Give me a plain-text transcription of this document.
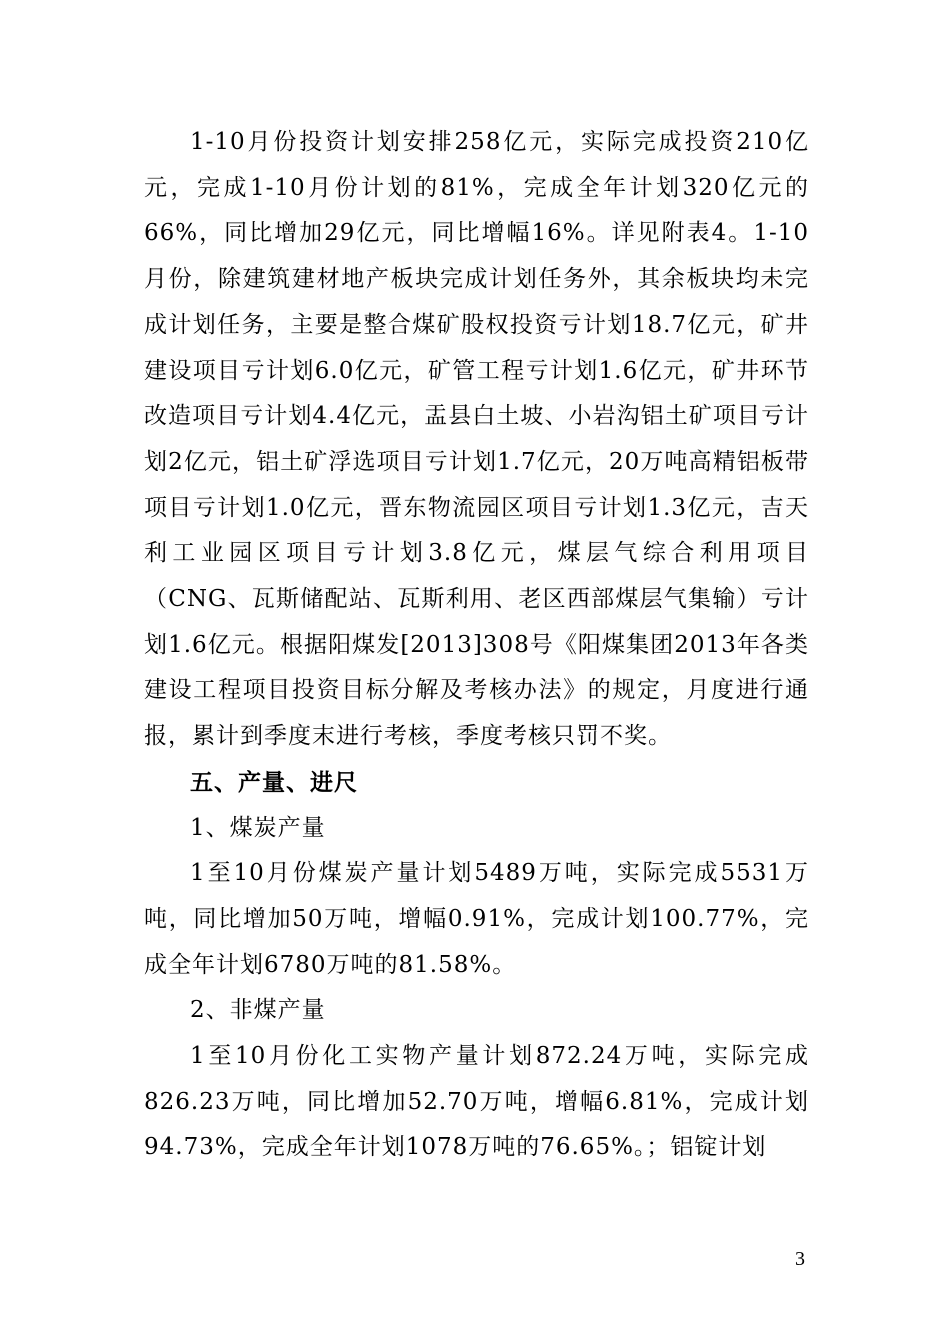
1-10月份投资计划安排258亿元，实际完成投资210亿元，完成1-10月份计划的81%，完成全年计划320亿元的66%，同比增加29亿元，同比增幅16%。详见附表4。1-10月份，除建筑建材地产板块完成计划任务外，其余板块均未完成计划任务，主要是整合煤矿股权投资亏计划18.7亿元，矿井建设项目亏计划6.0亿元，矿管工程亏计划1.6亿元，矿井环节改造项目亏计划4.4亿元，盂县白土坡、小岩沟铝土矿项目亏计划2亿元，铝土矿浮选项目亏计划1.7亿元，20万吨高精铝板带项目亏计划1.0亿元，晋东物流园区项目亏计划1.3亿元，吉天利工业园区项目亏计划3.8亿元，煤层气综合利用项目（CNG、瓦斯储配站、瓦斯利用、老区西部煤层气集输）亏计划1.6亿元。根据阳煤发[2013]308号《阳煤集团2013年各类建设工程项目投资目标分解及考核办法》的规定，月度进行通报，累计到季度末进行考核，季度考核只罚不奖。

五、产量、进尺

1、煤炭产量

1至10月份煤炭产量计划5489万吨，实际完成5531万吨，同比增加50万吨，增幅0.91%，完成计划100.77%，完成全年计划6780万吨的81.58%。

2、非煤产量

1至10月份化工实物产量计划872.24万吨，实际完成826.23万吨，同比增加52.70万吨，增幅6.81%，完成计划94.73%，完成全年计划1078万吨的76.65%。；铝锭计划

3
